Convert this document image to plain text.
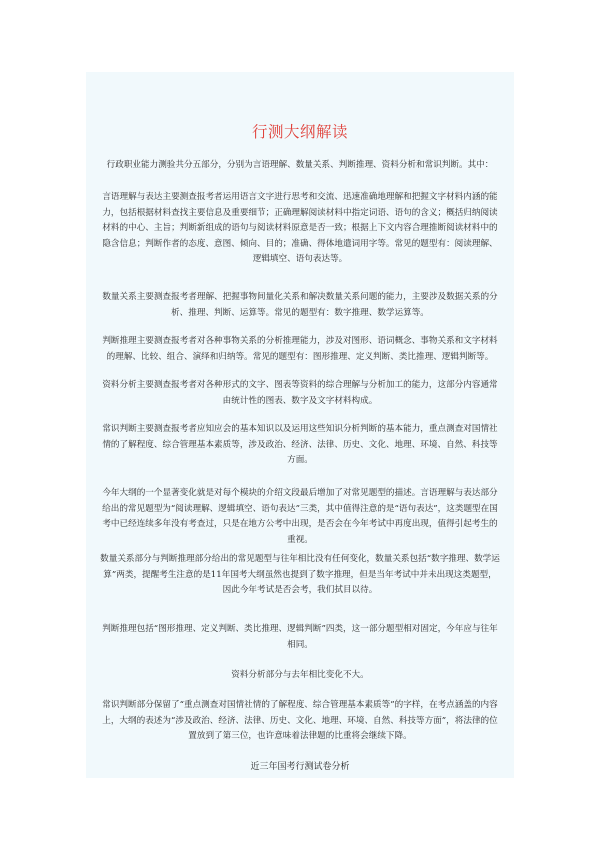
行测大纲解读
行政职业能力测验共分五部分，分别为言语理解、数量关系、判断推理、资料分析和常识判断。其中：
言语理解与表达主要测查报考者运用语言文字进行思考和交流、迅速准确地理解和把握文字材料内涵的能力，包括根据材料查找主要信息及重要细节；正确理解阅读材料中指定词语、语句的含义；概括归纳阅读材料的中心、主旨；判断新组成的语句与阅读材料原意是否一致；根据上下文内容合理推断阅读材料中的隐含信息；判断作者的态度、意图、倾向、目的；准确、得体地遣词用字等。常见的题型有：阅读理解、逻辑填空、语句表达等。
数量关系主要测查报考者理解、把握事物间量化关系和解决数量关系问题的能力，主要涉及数据关系的分析、推理、判断、运算等。常见的题型有：数字推理、数学运算等。
判断推理主要测查报考者对各种事物关系的分析推理能力，涉及对图形、语词概念、事物关系和文字材料的理解、比较、组合、演绎和归纳等。常见的题型有：图形推理、定义判断、类比推理、逻辑判断等。
资料分析主要测查报考者对各种形式的文字、图表等资料的综合理解与分析加工的能力，这部分内容通常由统计性的图表、数字及文字材料构成。
常识判断主要测查报考者应知应会的基本知识以及运用这些知识分析判断的基本能力，重点测查对国情社情的了解程度、综合管理基本素质等，涉及政治、经济、法律、历史、文化、地理、环境、自然、科技等方面。
今年大纲的一个显著变化就是对每个模块的介绍文段最后增加了对常见题型的描述。言语理解与表达部分给出的常见题型为“阅读理解、逻辑填空、语句表达”三类，其中值得注意的是“语句表达”，这类题型在国考中已经连续多年没有考查过，只是在地方公考中出现，是否会在今年考试中再度出现，值得引起考生的重视。
数量关系部分与判断推理部分给出的常见题型与往年相比没有任何变化，数量关系包括“数字推理、数学运算”两类，提醒考生注意的是11年国考大纲虽然也提到了数字推理，但是当年考试中并未出现这类题型，因此今年考试是否会考，我们拭目以待。
判断推理包括“图形推理、定义判断、类比推理、逻辑判断”四类，这一部分题型相对固定，今年应与往年相同。
资料分析部分与去年相比变化不大。
常识判断部分保留了“重点测查对国情社情的了解程度、综合管理基本素质等”的字样，在考点涵盖的内容上，大纲的表述为“涉及政治、经济、法律、历史、文化、地理、环境、自然、科技等方面”，将法律的位置放到了第三位，也许意味着法律题的比重将会继续下降。
近三年国考行测试卷分析
